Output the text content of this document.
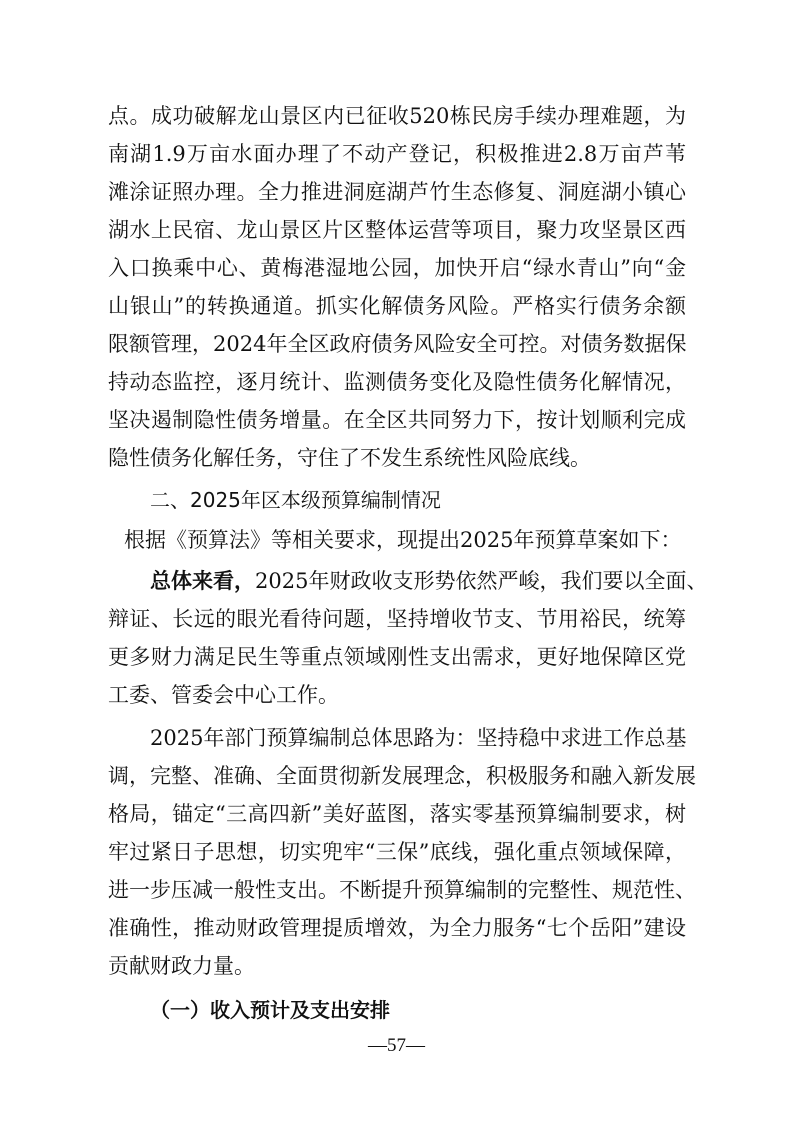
点。成功破解龙山景区内已征收520栋民房手续办理难题，为
南湖1.9万亩水面办理了不动产登记，积极推进2.8万亩芦苇
滩涂证照办理。全力推进洞庭湖芦竹生态修复、洞庭湖小镇心
湖水上民宿、龙山景区片区整体运营等项目，聚力攻坚景区西
入口换乘中心、黄梅港湿地公园，加快开启“绿水青山”向“金
山银山”的转换通道。抓实化解债务风险。严格实行债务余额
限额管理，2024年全区政府债务风险安全可控。对债务数据保
持动态监控，逐月统计、监测债务变化及隐性债务化解情况，
坚决遏制隐性债务增量。在全区共同努力下，按计划顺利完成
隐性债务化解任务，守住了不发生系统性风险底线。
二、2025年区本级预算编制情况
根据《预算法》等相关要求，现提出2025年预算草案如下：
总体来看，2025年财政收支形势依然严峻，我们要以全面、
辩证、长远的眼光看待问题，坚持增收节支、节用裕民，统筹
更多财力满足民生等重点领域刚性支出需求，更好地保障区党
工委、管委会中心工作。
2025年部门预算编制总体思路为：坚持稳中求进工作总基
调，完整、准确、全面贯彻新发展理念，积极服务和融入新发展
格局，锚定“三高四新”美好蓝图，落实零基预算编制要求，树
牢过紧日子思想，切实兜牢“三保”底线，强化重点领域保障，
进一步压减一般性支出。不断提升预算编制的完整性、规范性、
准确性，推动财政管理提质增效，为全力服务“七个岳阳”建设
贡献财政力量。
（一）收入预计及支出安排
—57—
